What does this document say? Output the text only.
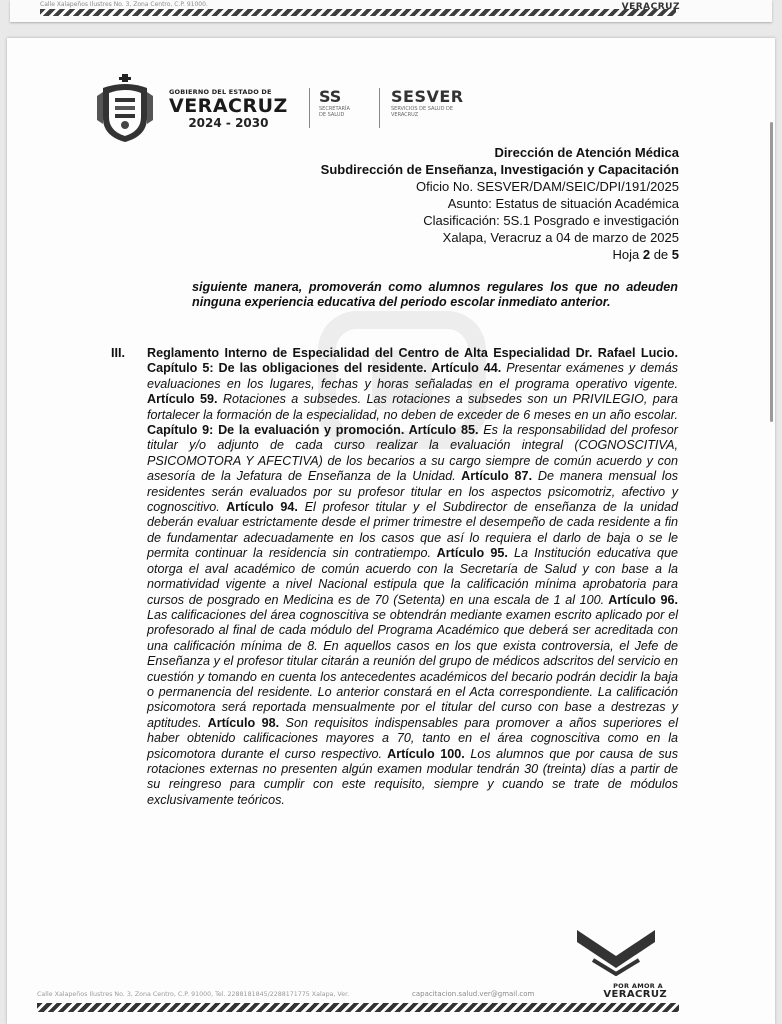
Calle Xalapeños Ilustres No. 3, Zona Centro, C.P. 91000.	VERACRUZ
GOBIERNO DEL ESTADO DE
VERACRUZ
2024 - 2030
SS
SECRETARÍA DE SALUD
SESVER
SERVICIOS DE SALUD DE VERACRUZ
Dirección de Atención Médica
Subdirección de Enseñanza, Investigación y Capacitación
Oficio No. SESVER/DAM/SEIC/DPI/191/2025
Asunto: Estatus de situación Académica
Clasificación: 5S.1 Posgrado e investigación
Xalapa, Veracruz a 04 de marzo de 2025
Hoja 2 de 5
siguiente manera, promoverán como alumnos regulares los que no adeuden ninguna experiencia educativa del periodo escolar inmediato anterior.
III. Reglamento Interno de Especialidad del Centro de Alta Especialidad Dr. Rafael Lucio. Capítulo 5: De las obligaciones del residente. Artículo 44. Presentar exámenes y demás evaluaciones en los lugares, fechas y horas señaladas en el programa operativo vigente. Artículo 59. Rotaciones a subsedes. Las rotaciones a subsedes son un PRIVILEGIO, para fortalecer la formación de la especialidad, no deben de exceder de 6 meses en un año escolar. Capítulo 9: De la evaluación y promoción. Artículo 85. Es la responsabilidad del profesor titular y/o adjunto de cada curso realizar la evaluación integral (COGNOSCITIVA, PSICOMOTORA Y AFECTIVA) de los becarios a su cargo siempre de común acuerdo y con asesoría de la Jefatura de Enseñanza de la Unidad. Artículo 87. De manera mensual los residentes serán evaluados por su profesor titular en los aspectos psicomotriz, afectivo y cognoscitivo. Artículo 94. El profesor titular y el Subdirector de enseñanza de la unidad deberán evaluar estrictamente desde el primer trimestre el desempeño de cada residente a fin de fundamentar adecuadamente en los casos que así lo requiera el darlo de baja o se le permita continuar la residencia sin contratiempo. Artículo 95. La Institución educativa que otorga el aval académico de común acuerdo con la Secretaría de Salud y con base a la normatividad vigente a nivel Nacional estipula que la calificación mínima aprobatoria para cursos de posgrado en Medicina es de 70 (Setenta) en una escala de 1 al 100. Artículo 96. Las calificaciones del área cognoscitiva se obtendrán mediante examen escrito aplicado por el profesorado al final de cada módulo del Programa Académico que deberá ser acreditada con una calificación mínima de 8. En aquellos casos en los que exista controversia, el Jefe de Enseñanza y el profesor titular citarán a reunión del grupo de médicos adscritos del servicio en cuestión y tomando en cuenta los antecedentes académicos del becario podrán decidir la baja o permanencia del residente. Lo anterior constará en el Acta correspondiente. La calificación psicomotora será reportada mensualmente por el titular del curso con base a destrezas y aptitudes. Artículo 98. Son requisitos indispensables para promover a años superiores el haber obtenido calificaciones mayores a 70, tanto en el área cognoscitiva como en la psicomotora durante el curso respectivo. Artículo 100. Los alumnos que por causa de sus rotaciones externas no presenten algún examen modular tendrán 30 (treinta) días a partir de su reingreso para cumplir con este requisito, siempre y cuando se trate de módulos exclusivamente teóricos.
POR AMOR A
VERACRUZ
Calle Xalapeños Ilustres No. 3, Zona Centro, C.P. 91000, Tel. 2288181845/2288171775 Xalapa, Ver.	capacitacion.salud.ver@gmail.com
